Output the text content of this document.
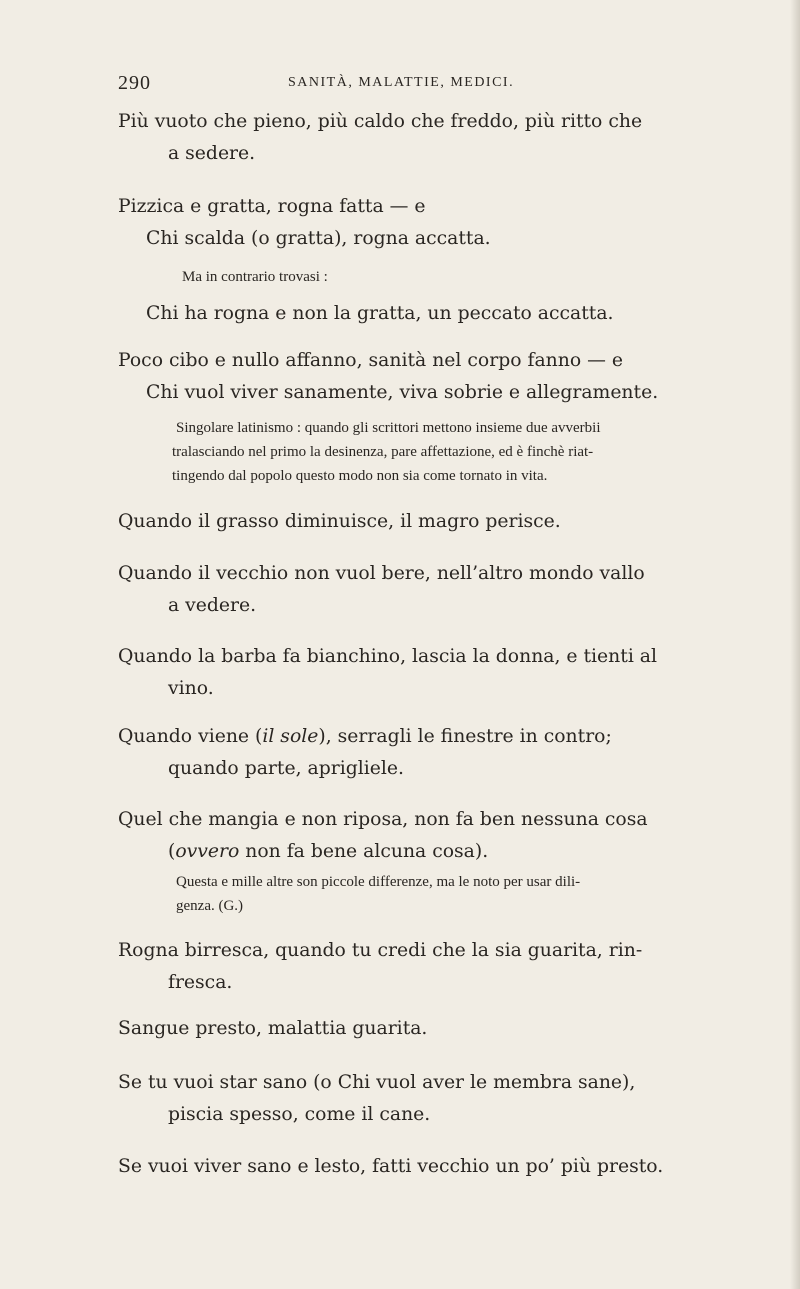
290	SANITÀ, MALATTIE, MEDICI.
Più vuoto che pieno, più caldo che freddo, più ritto che
a sedere.
Pizzica e gratta, rogna fatta — e
Chi scalda (o gratta), rogna accatta.
Ma in contrario trovasi :
Chi ha rogna e non la gratta, un peccato accatta.
Poco cibo e nullo affanno, sanità nel corpo fanno — e
Chi vuol viver sanamente, viva sobrie e allegramente.
Singolare latinismo : quando gli scrittori mettono insieme due avverbii
tralasciando nel primo la desinenza, pare affettazione, ed è finchè riat-
tingendo dal popolo questo modo non sia come tornato in vita.
Quando il grasso diminuisce, il magro perisce.
Quando il vecchio non vuol bere, nell’altro mondo vallo
a vedere.
Quando la barba fa bianchino, lascia la donna, e tienti al
vino.
Quando viene (il sole), serragli le finestre in contro;
quando parte, aprigliele.
Quel che mangia e non riposa, non fa ben nessuna cosa
(ovvero non fa bene alcuna cosa).
Questa e mille altre son piccole differenze, ma le noto per usar dili-
genza. (G.)
Rogna birresca, quando tu credi che la sia guarita, rin-
fresca.
Sangue presto, malattia guarita.
Se tu vuoi star sano (o Chi vuol aver le membra sane),
piscia spesso, come il cane.
Se vuoi viver sano e lesto, fatti vecchio un po’ più presto.
